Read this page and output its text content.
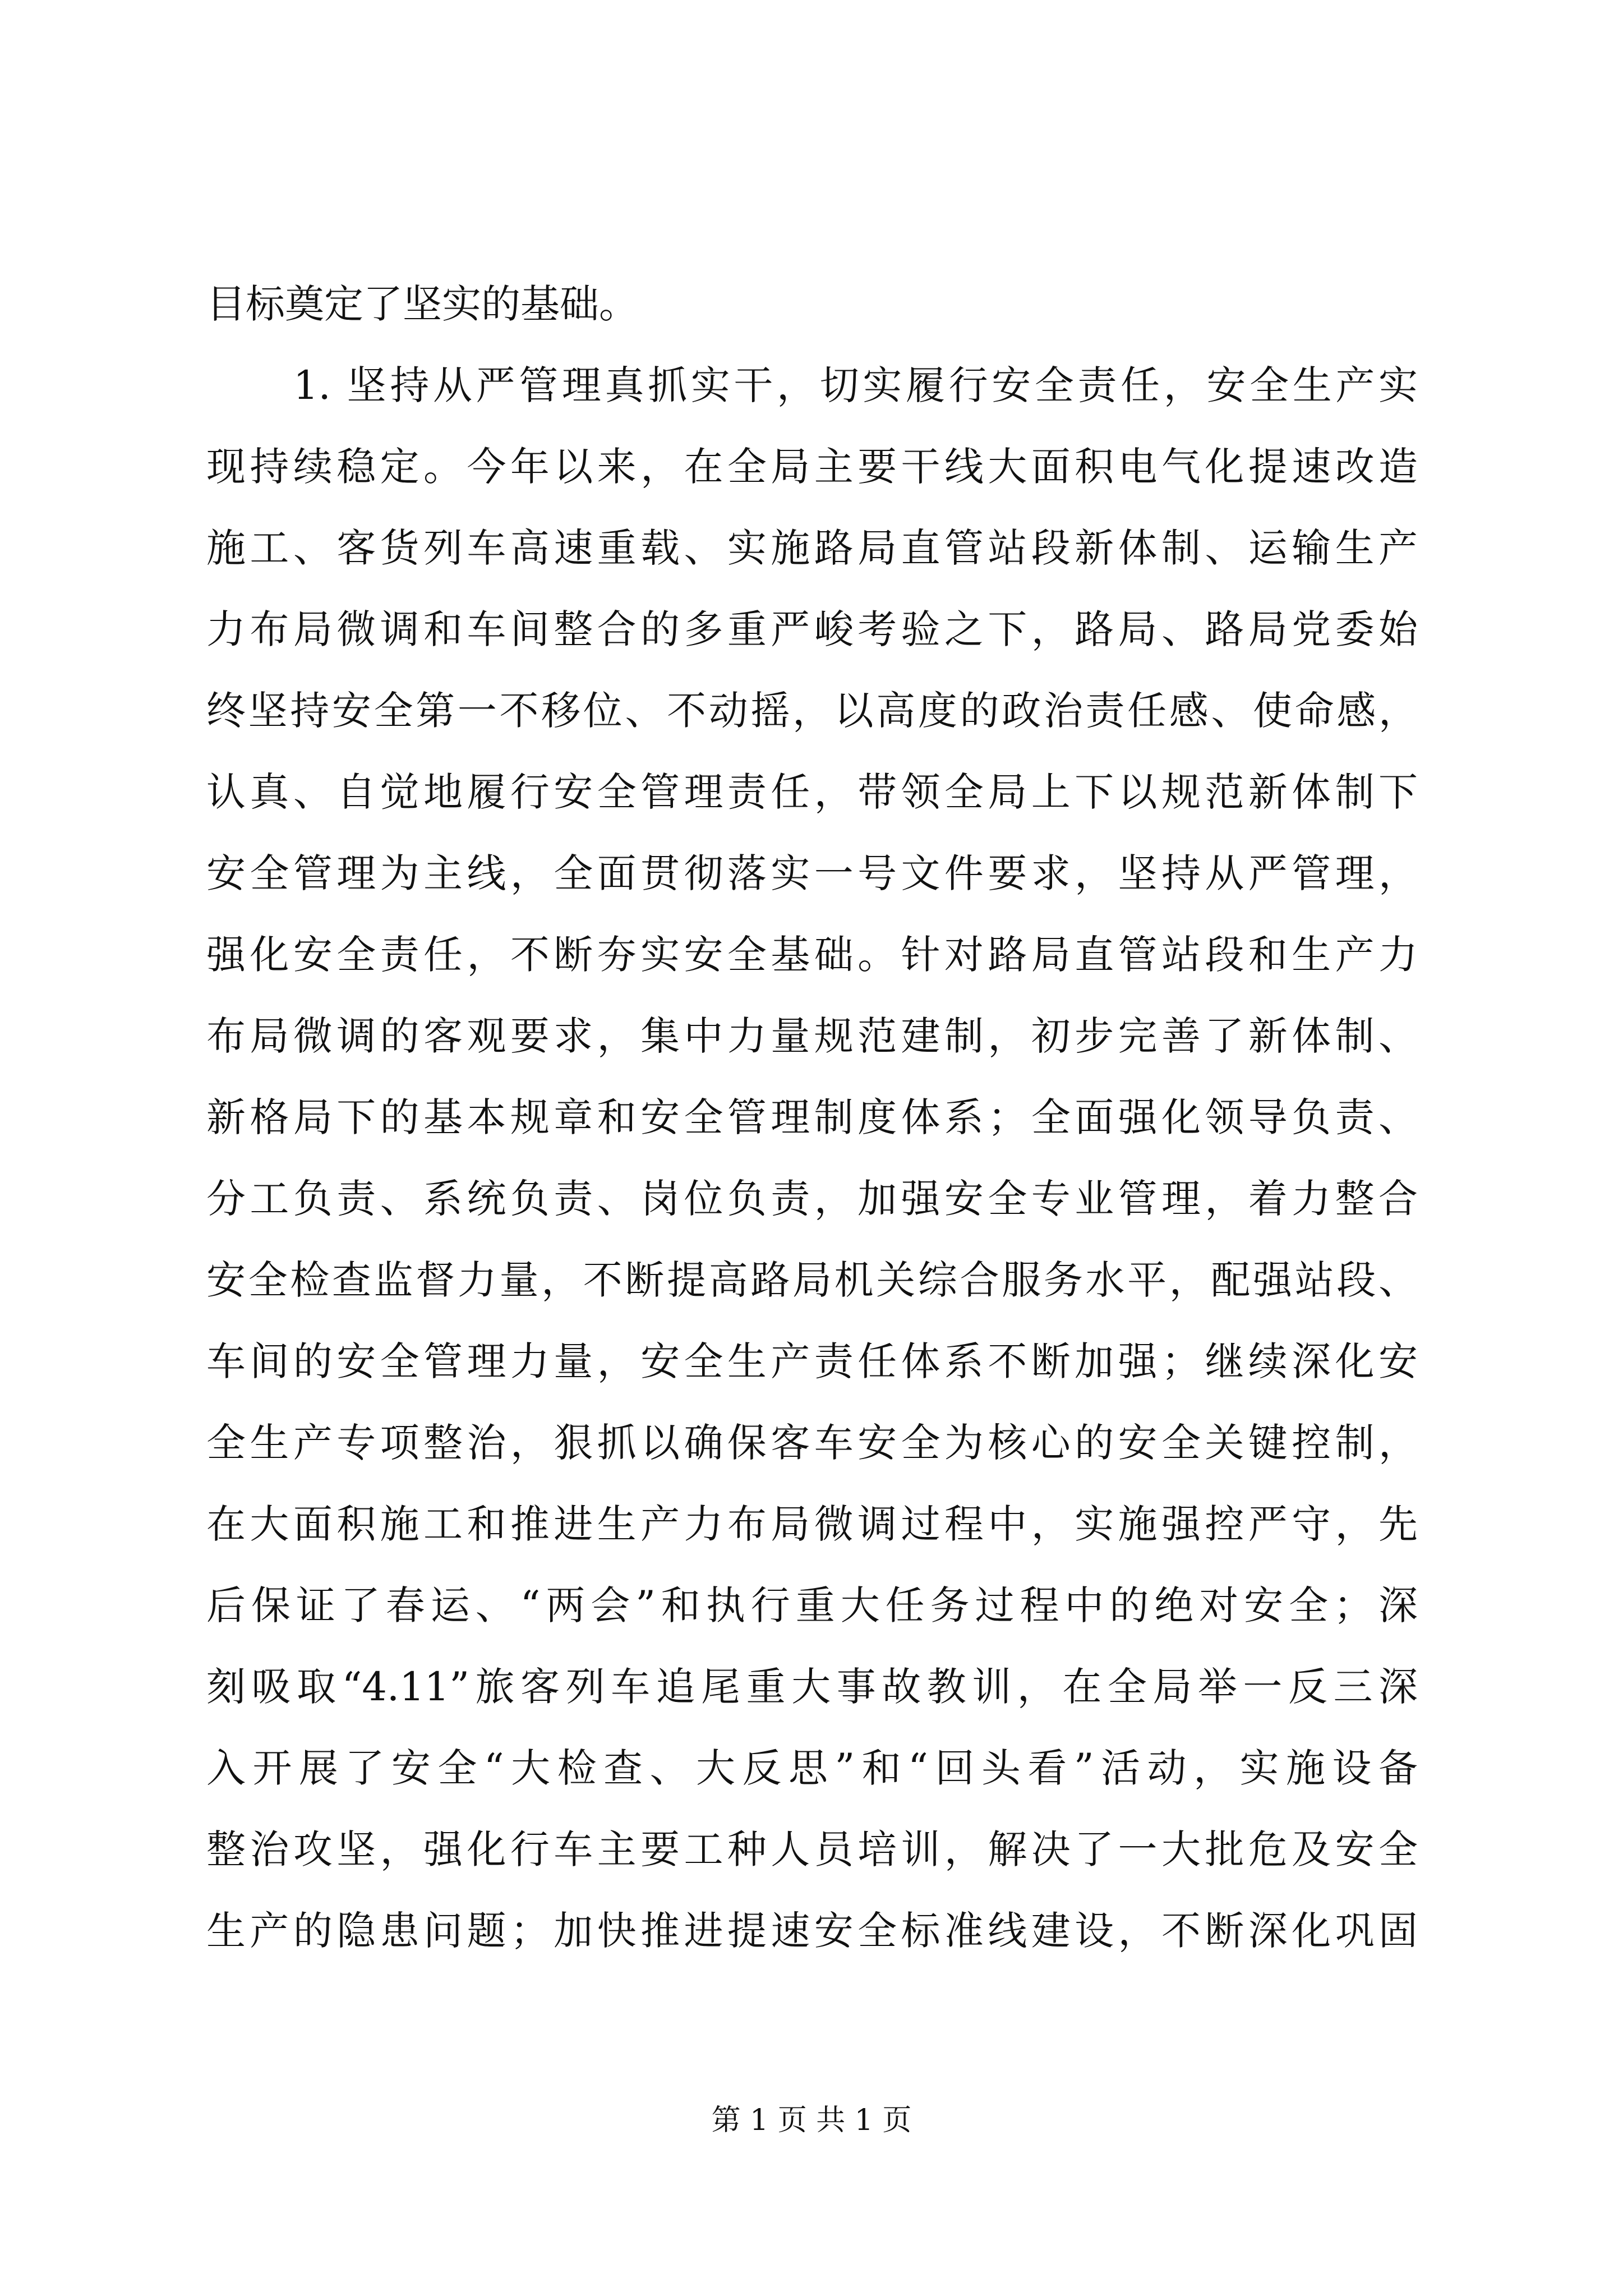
目标奠定了坚实的基础。
1. 坚持从严管理真抓实干，切实履行安全责任，安全生产实
现持续稳定。今年以来，在全局主要干线大面积电气化提速改造
施工、客货列车高速重载、实施路局直管站段新体制、运输生产
力布局微调和车间整合的多重严峻考验之下，路局、路局党委始
终坚持安全第一不移位、不动摇，以高度的政治责任感、使命感，
认真、自觉地履行安全管理责任，带领全局上下以规范新体制下
安全管理为主线，全面贯彻落实一号文件要求，坚持从严管理，
强化安全责任，不断夯实安全基础。针对路局直管站段和生产力
布局微调的客观要求，集中力量规范建制，初步完善了新体制、
新格局下的基本规章和安全管理制度体系；全面强化领导负责、
分工负责、系统负责、岗位负责，加强安全专业管理，着力整合
安全检查监督力量，不断提高路局机关综合服务水平，配强站段、
车间的安全管理力量，安全生产责任体系不断加强；继续深化安
全生产专项整治，狠抓以确保客车安全为核心的安全关键控制，
在大面积施工和推进生产力布局微调过程中，实施强控严守，先
后保证了春运、“两会”和执行重大任务过程中的绝对安全；深
刻吸取“4.11”旅客列车追尾重大事故教训，在全局举一反三深
入开展了安全“大检查、大反思”和“回头看”活动，实施设备
整治攻坚，强化行车主要工种人员培训，解决了一大批危及安全
生产的隐患问题；加快推进提速安全标准线建设，不断深化巩固
第 1 页 共 1 页
